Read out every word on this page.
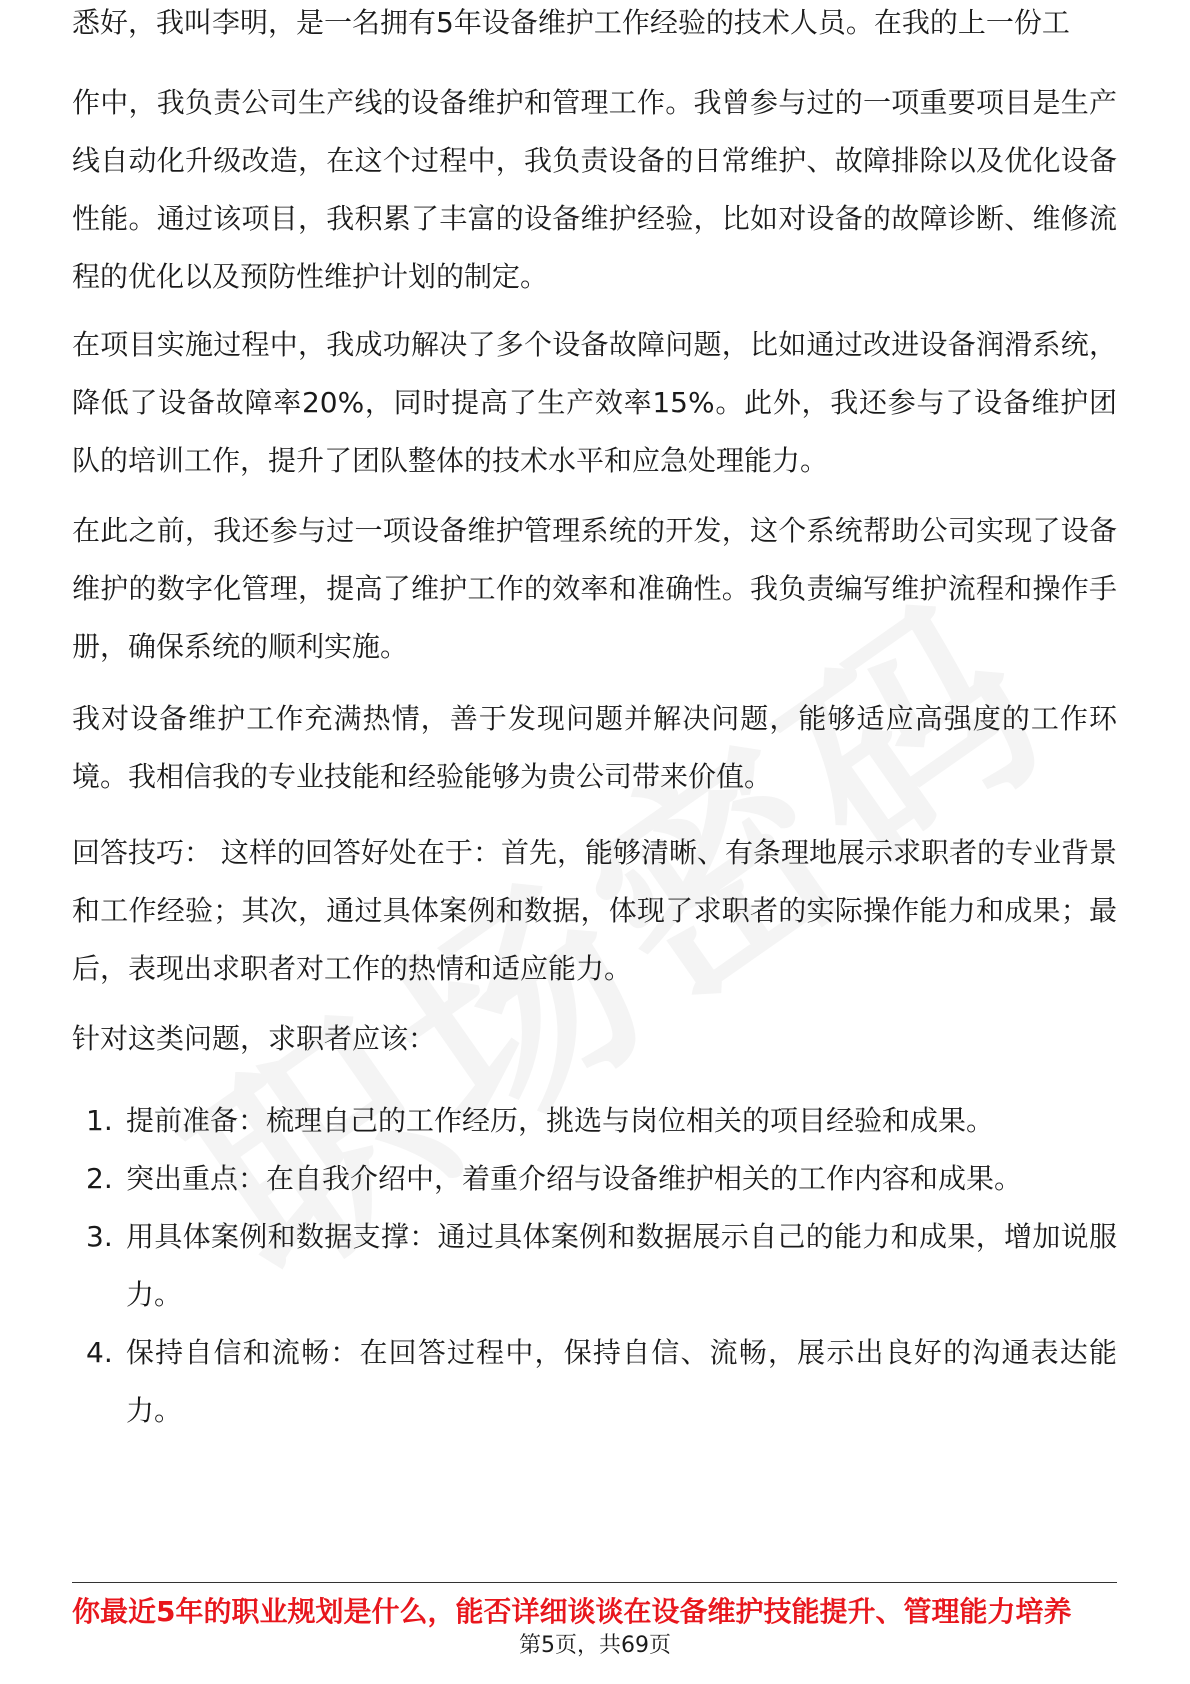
悉好，我叫李明，是一名拥有5年设备维护工作经验的技术人员。在我的上一份工

作中，我负责公司生产线的设备维护和管理工作。我曾参与过的一项重要项目是生产线自动化升级改造，在这个过程中，我负责设备的日常维护、故障排除以及优化设备性能。通过该项目，我积累了丰富的设备维护经验，比如对设备的故障诊断、维修流程的优化以及预防性维护计划的制定。

在项目实施过程中，我成功解决了多个设备故障问题，比如通过改进设备润滑系统，降低了设备故障率20%，同时提高了生产效率15%。此外，我还参与了设备维护团队的培训工作，提升了团队整体的技术水平和应急处理能力。

在此之前，我还参与过一项设备维护管理系统的开发，这个系统帮助公司实现了设备维护的数字化管理，提高了维护工作的效率和准确性。我负责编写维护流程和操作手册，确保系统的顺利实施。

我对设备维护工作充满热情，善于发现问题并解决问题，能够适应高强度的工作环境。我相信我的专业技能和经验能够为贵公司带来价值。

回答技巧： 这样的回答好处在于：首先，能够清晰、有条理地展示求职者的专业背景和工作经验；其次，通过具体案例和数据，体现了求职者的实际操作能力和成果；最后，表现出求职者对工作的热情和适应能力。

针对这类问题，求职者应该：

1. 提前准备：梳理自己的工作经历，挑选与岗位相关的项目经验和成果。
2. 突出重点：在自我介绍中，着重介绍与设备维护相关的工作内容和成果。
3. 用具体案例和数据支撑：通过具体案例和数据展示自己的能力和成果，增加说服力。
4. 保持自信和流畅：在回答过程中，保持自信、流畅，展示出良好的沟通表达能力。
你最近5年的职业规划是什么，能否详细谈谈在设备维护技能提升、管理能力培养
第5页，共69页
